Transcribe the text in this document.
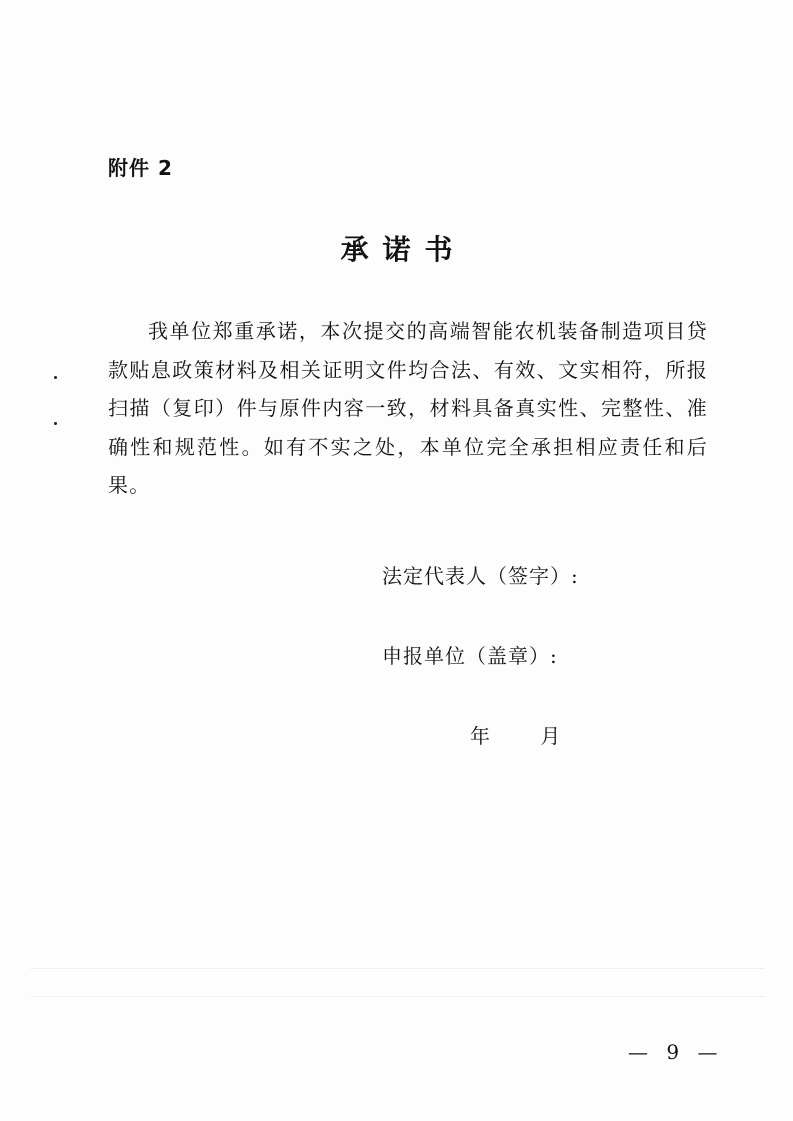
附件 2
承诺书

我单位郑重承诺，本次提交的高端智能农机装备制造项目贷款贴息政策材料及相关证明文件均合法、有效、文实相符，所报扫描（复印）件与原件内容一致，材料具备真实性、完整性、准确性和规范性。如有不实之处，本单位完全承担相应责任和后果。

法定代表人（签字）:
申报单位（盖章）:
年	月
— 9 —
